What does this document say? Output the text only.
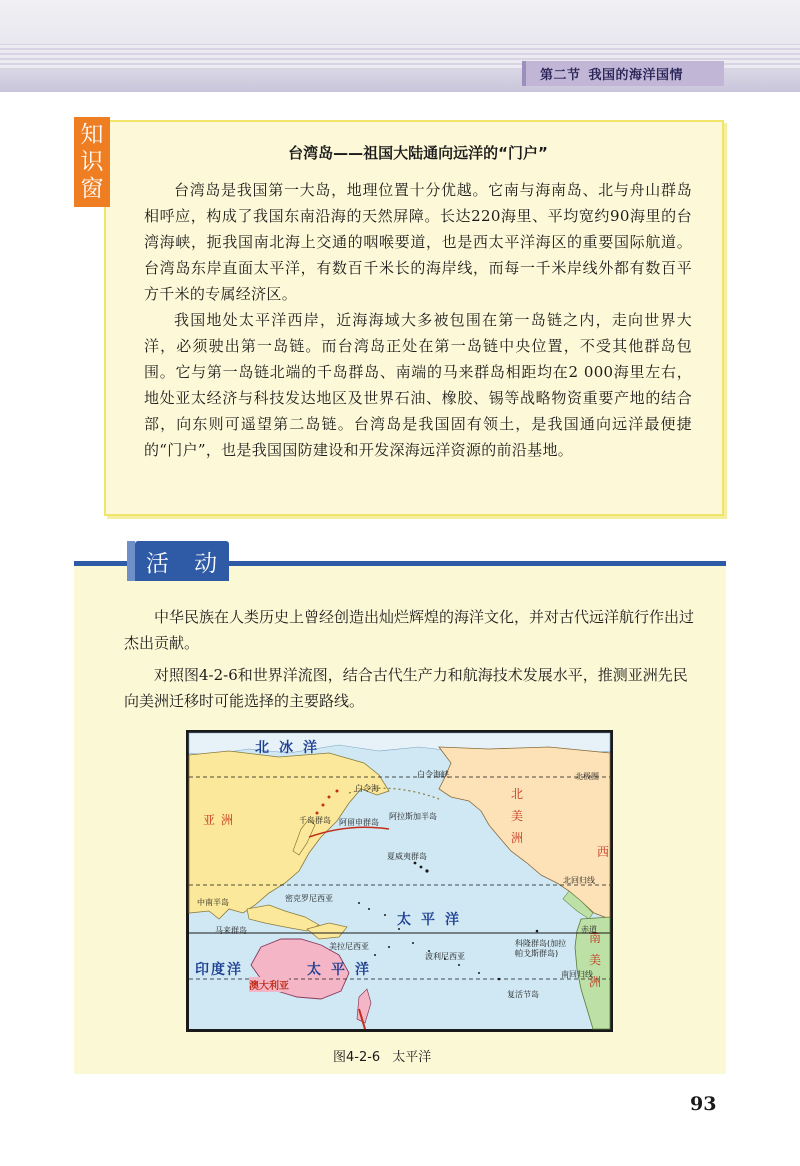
第二节 我国的海洋国情
知
识
窗
台湾岛——祖国大陆通向远洋的“门户”

台湾岛是我国第一大岛，地理位置十分优越。它南与海南岛、北与舟山群岛相呼应，构成了我国东南沿海的天然屏障。长达220海里、平均宽约90海里的台湾海峡，扼我国南北海上交通的咽喉要道，也是西太平洋海区的重要国际航道。台湾岛东岸直面太平洋，有数百千米长的海岸线，而每一千米岸线外都有数百平方千米的专属经济区。

我国地处太平洋西岸，近海海域大多被包围在第一岛链之内，走向世界大洋，必须驶出第一岛链。而台湾岛正处在第一岛链中央位置，不受其他群岛包围。它与第一岛链北端的千岛群岛、南端的马来群岛相距均在2 000海里左右，地处亚太经济与科技发达地区及世界石油、橡胶、锡等战略物资重要产地的结合部，向东则可遥望第二岛链。台湾岛是我国固有领土，是我国通向远洋最便捷的“门户”，也是我国国防建设和开发深海远洋资源的前沿基地。

中华民族在人类历史上曾经创造出灿烂辉煌的海洋文化，并对古代远洋航行作出过杰出贡献。

对照图4-2-6和世界洋流图，结合古代生产力和航海技术发展水平，推测亚洲先民向美洲迁移时可能选择的主要路线。

活 动
北冰洋
太平洋
太平洋
印度洋
亚洲
北美洲
南美洲
西
澳大利亚
北极圈
阿拉斯加半岛
阿留申群岛
千岛群岛
夏威夷群岛
中南半岛
马来群岛
密克罗尼西亚
美拉尼西亚
波利尼西亚
北回归线
南回归线
赤道
科隆群岛(加拉帕戈斯群岛)
复活节岛
白令海峡
白令海
图4-2-6 太平洋
93
